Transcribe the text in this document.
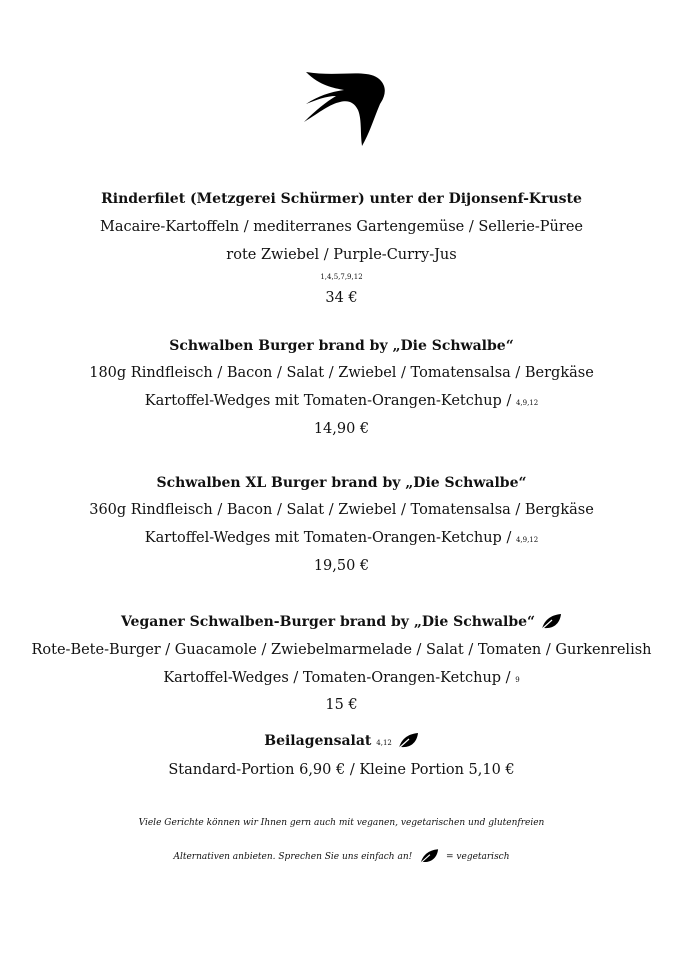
Rinderfilet (Metzgerei Schürmer) unter der Dijonsenf-Kruste
Macaire-Kartoffeln / mediterranes Gartengemüse / Sellerie-Püree
rote Zwiebel / Purple-Curry-Jus
1,4,5,7,9,12
34 €
Schwalben Burger brand by „Die Schwalbe“
180g Rindfleisch / Bacon / Salat / Zwiebel / Tomatensalsa / Bergkäse
Kartoffel-Wedges mit Tomaten-Orangen-Ketchup / 4,9,12
14,90 €
Schwalben XL Burger brand by „Die Schwalbe“
360g Rindfleisch / Bacon / Salat / Zwiebel / Tomatensalsa / Bergkäse
Kartoffel-Wedges mit Tomaten-Orangen-Ketchup / 4,9,12
19,50 €
Veganer Schwalben-Burger brand by „Die Schwalbe“
Rote-Bete-Burger / Guacamole / Zwiebelmarmelade / Salat / Tomaten / Gurkenrelish
Kartoffel-Wedges / Tomaten-Orangen-Ketchup / 9
15 €
Beilagensalat 4,12
Standard-Portion 6,90 € / Kleine Portion 5,10 €
Viele Gerichte können wir Ihnen gern auch mit veganen, vegetarischen und glutenfreien
Alternativen anbieten. Sprechen Sie uns einfach an!	= vegetarisch
